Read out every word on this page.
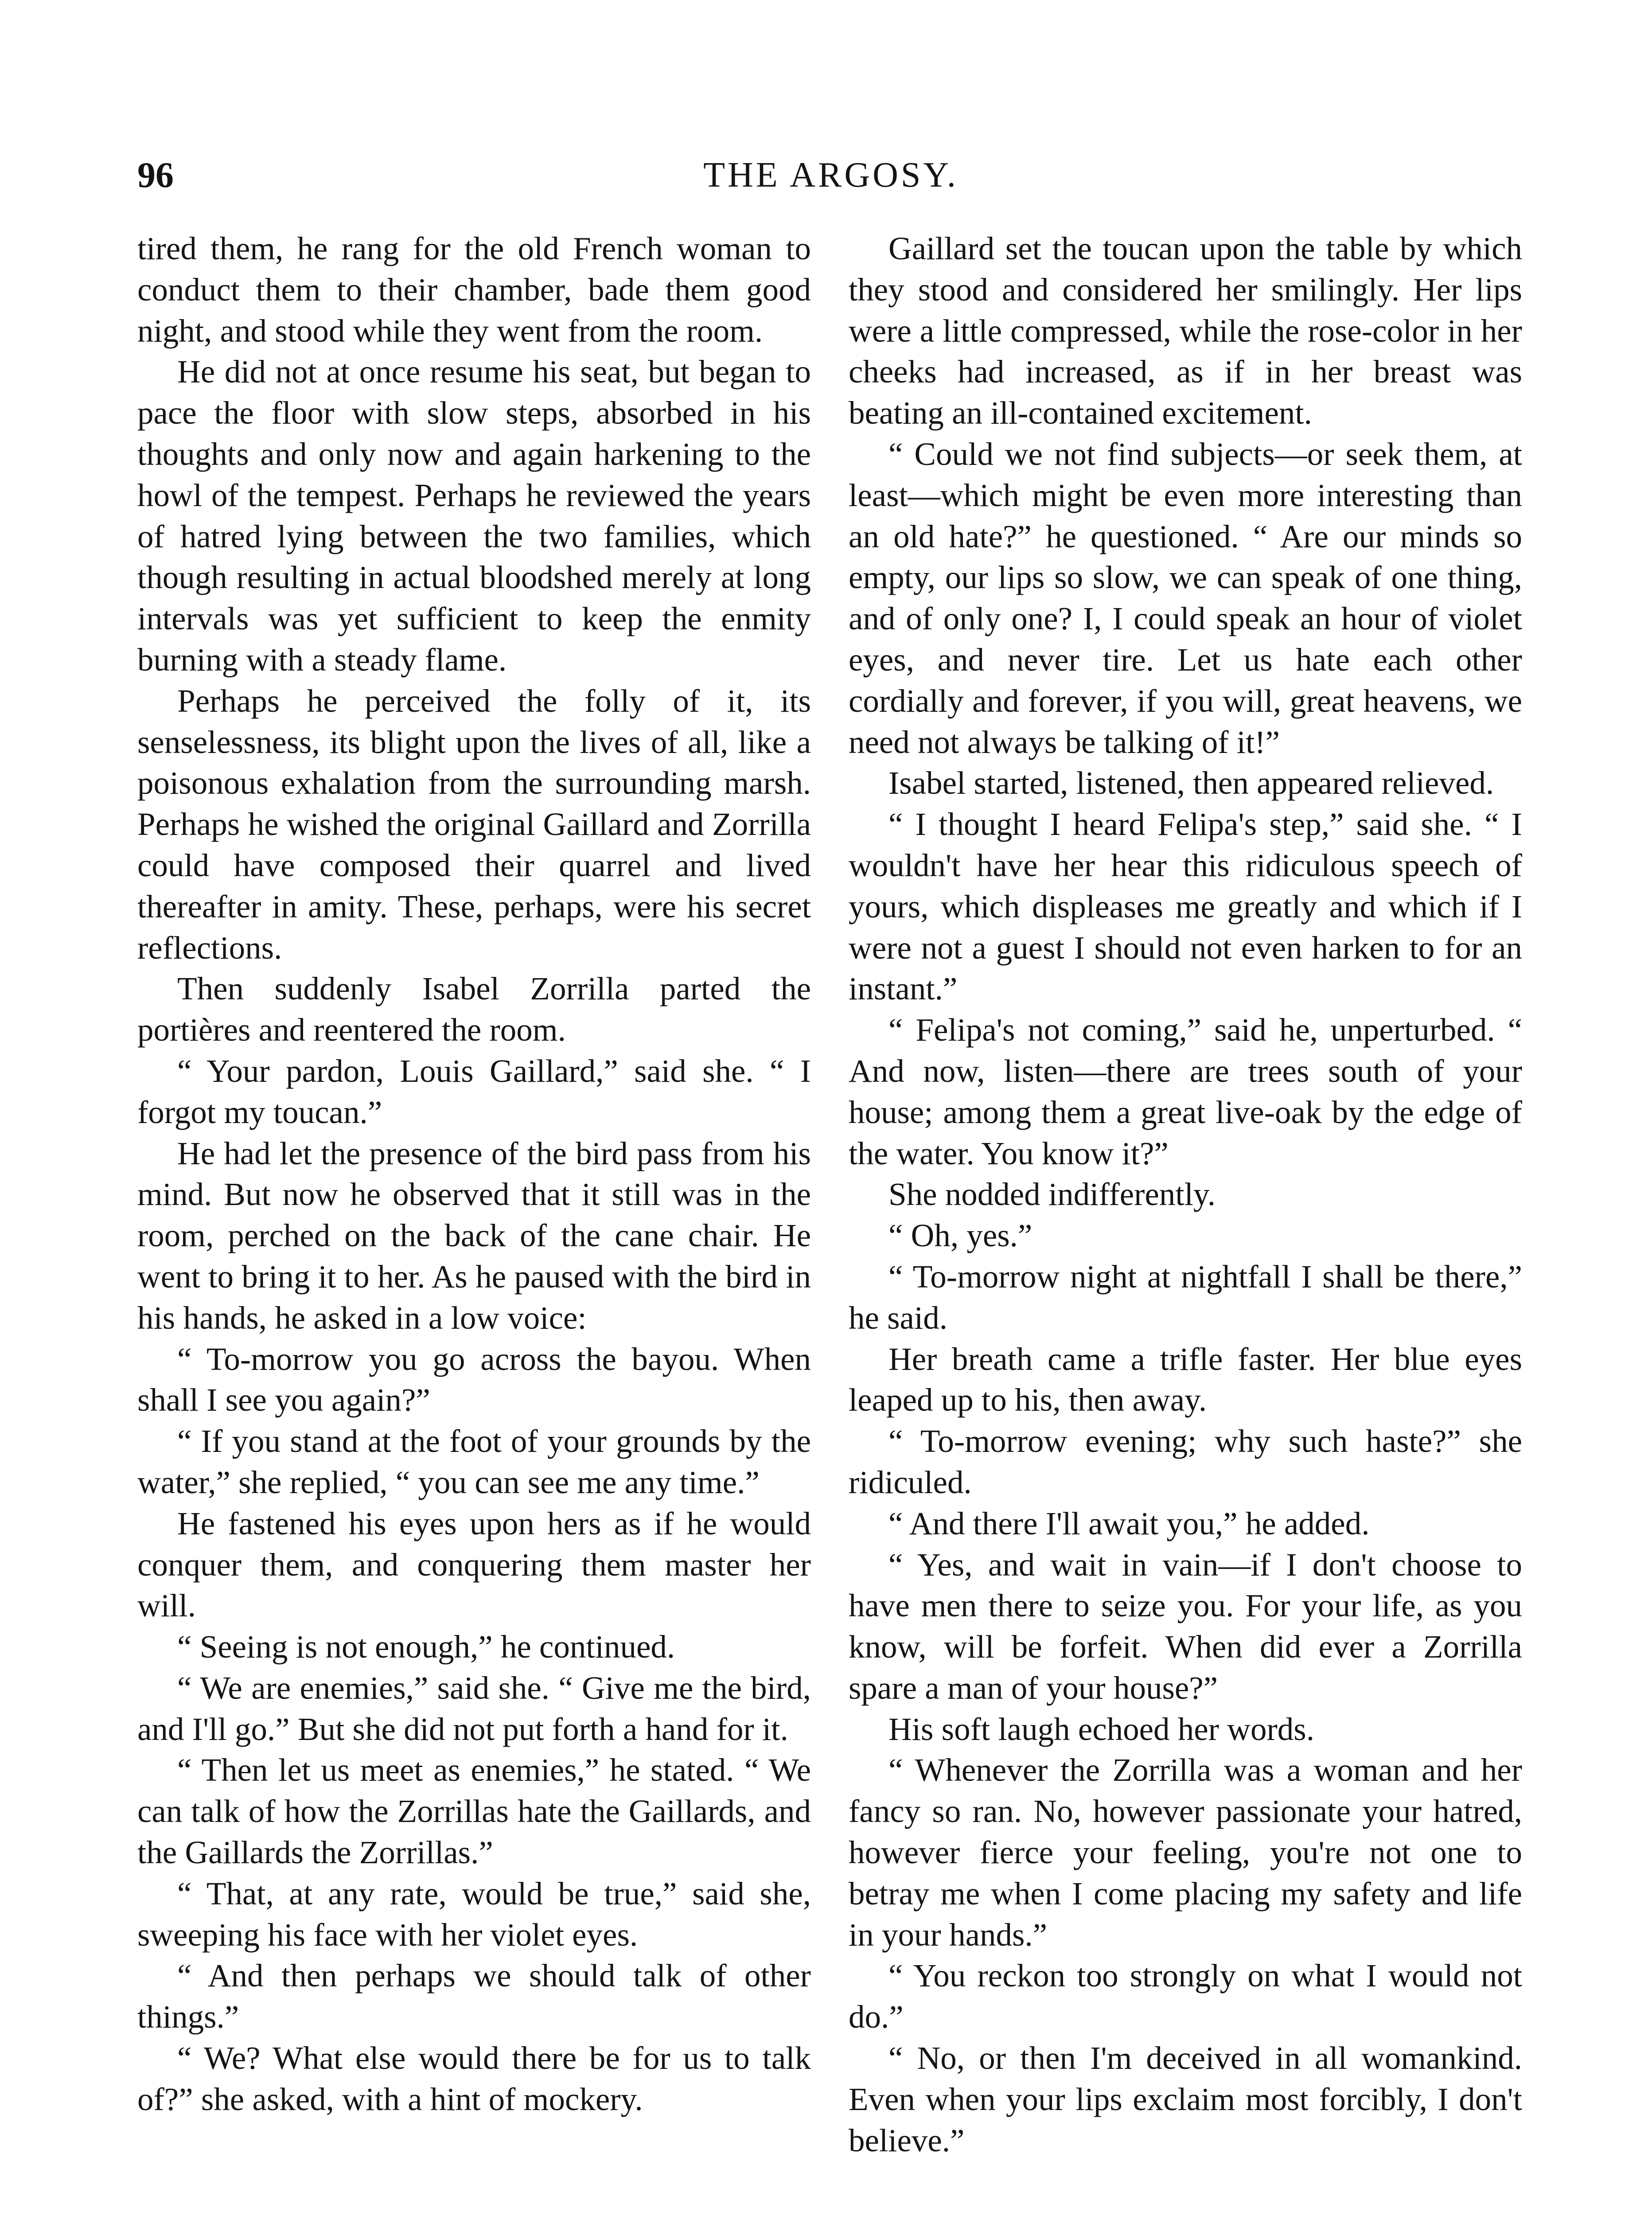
96	THE ARGOSY.

tired them, he rang for the old French woman to conduct them to their chamber, bade them good night, and stood while they went from the room.

He did not at once resume his seat, but began to pace the floor with slow steps, absorbed in his thoughts and only now and again harkening to the howl of the tempest. Perhaps he reviewed the years of hatred lying between the two families, which though resulting in actual bloodshed merely at long intervals was yet sufficient to keep the enmity burning with a steady flame.

Perhaps he perceived the folly of it, its senselessness, its blight upon the lives of all, like a poisonous exhalation from the surrounding marsh. Perhaps he wished the original Gaillard and Zorrilla could have composed their quarrel and lived thereafter in amity. These, perhaps, were his secret reflections.

Then suddenly Isabel Zorrilla parted the portières and reentered the room.

“ Your pardon, Louis Gaillard,” said she. “ I forgot my toucan.”

He had let the presence of the bird pass from his mind. But now he observed that it still was in the room, perched on the back of the cane chair. He went to bring it to her. As he paused with the bird in his hands, he asked in a low voice:

“ To-morrow you go across the bayou. When shall I see you again?”

“ If you stand at the foot of your grounds by the water,” she replied, “ you can see me any time.”

He fastened his eyes upon hers as if he would conquer them, and conquering them master her will.

“ Seeing is not enough,” he continued.

“ We are enemies,” said she. “ Give me the bird, and I'll go.” But she did not put forth a hand for it.

“ Then let us meet as enemies,” he stated. “ We can talk of how the Zorrillas hate the Gaillards, and the Gaillards the Zorrillas.”

“ That, at any rate, would be true,” said she, sweeping his face with her violet eyes.

“ And then perhaps we should talk of other things.”

“ We? What else would there be for us to talk of?” she asked, with a hint of mockery.

Gaillard set the toucan upon the table by which they stood and considered her smilingly. Her lips were a little compressed, while the rose-color in her cheeks had increased, as if in her breast was beating an ill-contained excitement.

“ Could we not find subjects—or seek them, at least—which might be even more interesting than an old hate?” he questioned. “ Are our minds so empty, our lips so slow, we can speak of one thing, and of only one? I, I could speak an hour of violet eyes, and never tire. Let us hate each other cordially and forever, if you will, great heavens, we need not always be talking of it!”

Isabel started, listened, then appeared relieved.

“ I thought I heard Felipa's step,” said she. “ I wouldn't have her hear this ridiculous speech of yours, which displeases me greatly and which if I were not a guest I should not even harken to for an instant.”

“ Felipa's not coming,” said he, unperturbed. “ And now, listen—there are trees south of your house; among them a great live-oak by the edge of the water. You know it?”

She nodded indifferently.

“ Oh, yes.”

“ To-morrow night at nightfall I shall be there,” he said.

Her breath came a trifle faster. Her blue eyes leaped up to his, then away.

“ To-morrow evening; why such haste?” she ridiculed.

“ And there I'll await you,” he added.

“ Yes, and wait in vain—if I don't choose to have men there to seize you. For your life, as you know, will be forfeit. When did ever a Zorrilla spare a man of your house?”

His soft laugh echoed her words.

“ Whenever the Zorrilla was a woman and her fancy so ran. No, however passionate your hatred, however fierce your feeling, you're not one to betray me when I come placing my safety and life in your hands.”

“ You reckon too strongly on what I would not do.”

“ No, or then I'm deceived in all womankind. Even when your lips exclaim most forcibly, I don't believe.”
